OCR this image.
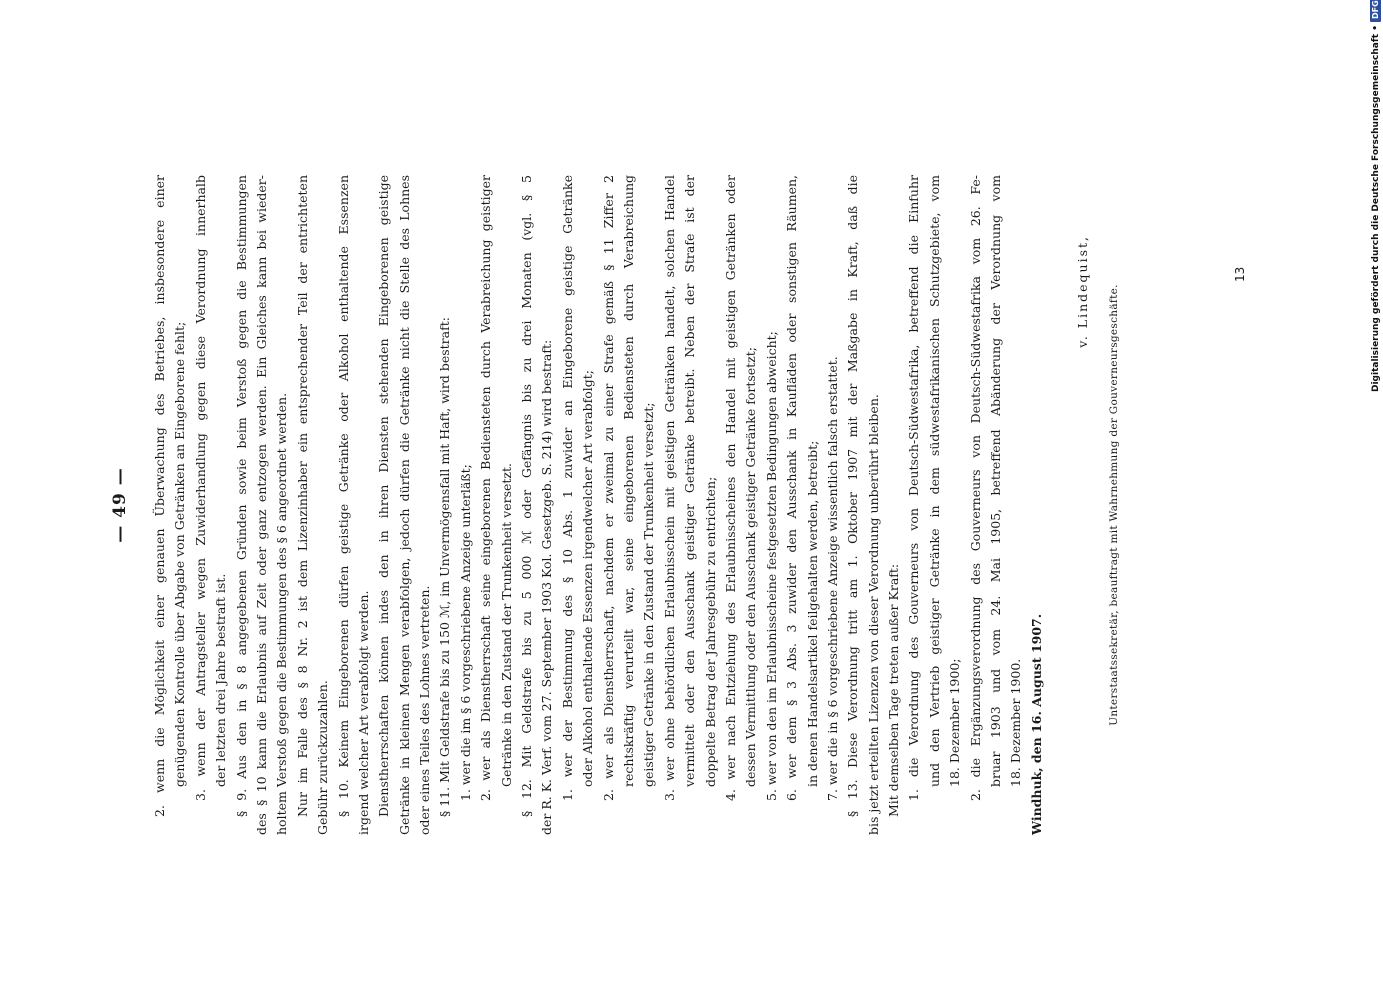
— 49 — 2. wenn die Möglichkeit einer genauen Überwachung des Betriebes, insbesondere einer genügenden Kontrolle über Abgabe von Getränken an Eingeborene fehlt; 3. wenn der Antragsteller wegen Zuwiderhandlung gegen diese Verordnung innerhalb der letzten drei Jahre bestraft ist. § 9. Aus den in § 8 angegebenen Gründen sowie beim Verstoß gegen die Bestimmungen des § 10 kann die Erlaubnis auf Zeit oder ganz entzogen werden. Ein Gleiches kann bei wieder- holtem Verstoß gegen die Bestimmungen des § 6 angeordnet werden. Nur im Falle des § 8 Nr. 2 ist dem Lizenzinhaber ein entsprechender Teil der entrichteten Gebühr zurückzuzahlen. § 10. Keinem Eingeborenen dürfen geistige Getränke oder Alkohol enthaltende Essenzen irgend welcher Art verabfolgt werden. Dienstherrschaften können indes den in ihren Diensten stehenden Eingeborenen geistige Getränke in kleinen Mengen verabfolgen, jedoch dürfen die Getränke nicht die Stelle des Lohnes oder eines Teiles des Lohnes vertreten. § 11. Mit Geldstrafe bis zu 150 ℳ, im Unvermögensfall mit Haft, wird bestraft: 1. wer die im § 6 vorgeschriebene Anzeige unterläßt; 2. wer als Dienstherrschaft seine eingeborenen Bediensteten durch Verabreichung geistiger Getränke in den Zustand der Trunkenheit versetzt. § 12. Mit Geldstrafe bis zu 5 000 ℳ oder Gefängnis bis zu drei Monaten (vgl. § 5 der R. K. Verf. vom 27. September 1903 Kol. Gesetzgeb. S. 214) wird bestraft: 1. wer der Bestimmung des § 10 Abs. 1 zuwider an Eingeborene geistige Getränke oder Alkohol enthaltende Essenzen irgendwelcher Art verabfolgt; 2. wer als Dienstherrschaft, nachdem er zweimal zu einer Strafe gemäß § 11 Ziffer 2 rechtskräftig verurteilt war, seine eingeborenen Bediensteten durch Verabreichung geistiger Getränke in den Zustand der Trunkenheit versetzt; 3. wer ohne behördlichen Erlaubnisschein mit geistigen Getränken handelt, solchen Handel vermittelt oder den Ausschank geistiger Getränke betreibt. Neben der Strafe ist der doppelte Betrag der Jahresgebühr zu entrichten; 4. wer nach Entziehung des Erlaubnisscheines den Handel mit geistigen Getränken oder dessen Vermittlung oder den Ausschank geistiger Getränke fortsetzt; 5. wer von den im Erlaubnisscheine festgesetzten Bedingungen abweicht; 6. wer dem § 3 Abs. 3 zuwider den Ausschank in Kaufläden oder sonstigen Räumen, in denen Handelsartikel feilgehalten werden, betreibt; 7. wer die in § 6 vorgeschriebene Anzeige wissentlich falsch erstattet. § 13. Diese Verordnung tritt am 1. Oktober 1907 mit der Maßgabe in Kraft, daß die bis jetzt erteilten Lizenzen von dieser Verordnung unberührt bleiben. Mit demselben Tage treten außer Kraft: 1. die Verordnung des Gouverneurs von Deutsch-Südwestafrika, betreffend die Einfuhr und den Vertrieb geistiger Getränke in dem südwestafrikanischen Schutzgebiete, vom 18. Dezember 1900; 2. die Ergänzungsverordnung des Gouverneurs von Deutsch-Südwestafrika vom 26. Fe- bruar 1903 und vom 24. Mai 1905, betreffend Abänderung der Verordnung vom 18. Dezember 1900. Windhuk, den 16. August 1907.
v. Lindequist,	Unterstaatssekretär, beauftragt mit Wahrnehmung der Gouverneursgeschäfte.
13	Digitalisierung gefördert durch die Deutsche Forschungsgemeinschaft •
DFG
